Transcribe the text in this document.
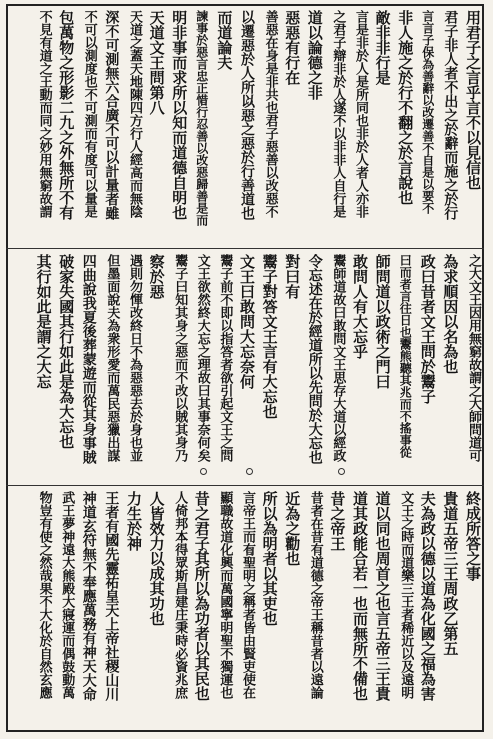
用君子之言乎言不以見信也
君子非人者不出之於辭而施之於行
言言子保為善辭以改遷善不自是以要不
非人施之於行不翻之於言說也
敵非非行是
言是非於人是所同也非於人者人亦非
之君子辯非於人遂不以非非人自行是
道以論德之非
惡惡有行在
善惡在身是非共也君子惡善以改惡不
以遷惡於人所以惡之惡於行善道也
而道論夫
諫事於惡言忠正惜行忍善以改惡歸善是而
明非事而求所以知而道德自明也
天道文王問第八
天道之蓋天地陳四方行人經高而無陰
深不可測無六合廣不可以計量者雖
不可以測度也不可測而有度可以量是
包萬物之形影二九之外無所不有
不見有道之王動而同之妙用無窮故謂
之大文王因用無窮故謂之大師問道可
為求順因以名為也
政曰昔者文王問於鬻子
曰而者言往日也鬻熊聽其兆而不搖事從
師問道以政術之門曰
敢問人有大忘乎
鬻師道故曰敢問文王思存大道以經政
令忘述在於經道所以先問於大忘也
對曰有
鬻子對答文王言有大忘也
文王曰敢問大忘奈何
鬻子前不即以指答者欲引起文王之問
文王欲然終大忘之理故曰其事奈何矣
鬻子曰知其身之惡而不改以賊其身乃
察於惡
遇則勿惲改終日不為惡惡去於身也並
但墨面說夫為衆形愛而萬民惡獵出謀
四曲說我夏後葬蒙遊而從其身事賊
破家失國其行如此是為大忘也
其行如此是謂之大忘
終成所答之事
貴道五帝三王周政乙第五
夫為政以德以道為化國之福為害
文王之時而道樂三王者稀近以及遠明
道以同也周首之也言五帝三王貴
道其政能合若一也而無所不備也
昔之帝王
昔者在昔有道德之帝王稱昔者以遠論
近為之勸也
所以為明者以其吏也
言帝王而有聖明之稱者皆由賢吏使在
顯職故道化興而萬國寧明聖不獨運也
昔之君子其所以為功者以其民也
人倚邦本得眾斯昌建庄秉時必資兆庶
人皆效力以成其功也
力生於神
王者有國先靈祐皇天上帝社稷山川
神道玄符無不奉應萬務有神天大命
武王夢神遠大熊殿大寢運而偶鼓動萬
物豈有使之然哉果不大化於自然玄應
